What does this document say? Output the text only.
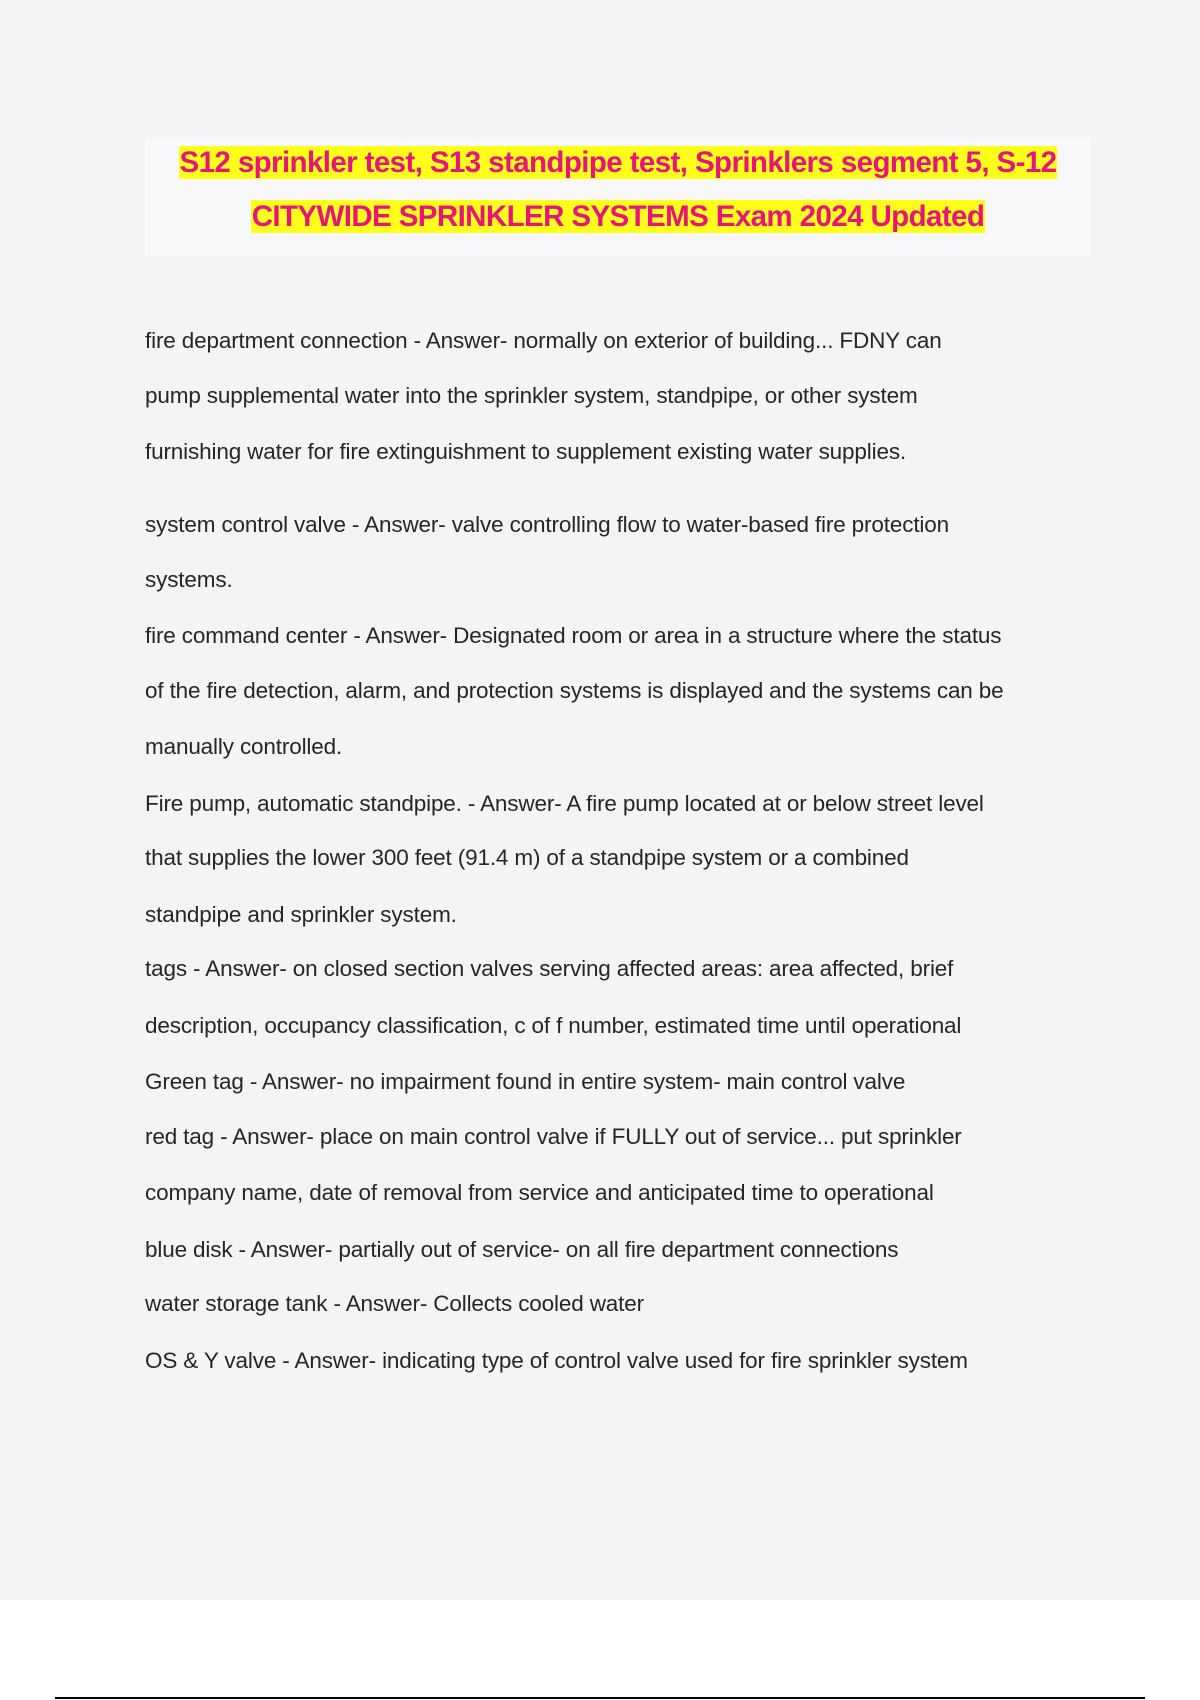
S12 sprinkler test, S13 standpipe test, Sprinklers segment 5, S-12
CITYWIDE SPRINKLER SYSTEMS Exam 2024 Updated
fire department connection - Answer- normally on exterior of building... FDNY can
pump supplemental water into the sprinkler system, standpipe, or other system
furnishing water for fire extinguishment to supplement existing water supplies.
system control valve - Answer- valve controlling flow to water-based fire protection
systems.
fire command center - Answer- Designated room or area in a structure where the status
of the fire detection, alarm, and protection systems is displayed and the systems can be
manually controlled.
Fire pump, automatic standpipe. - Answer- A fire pump located at or below street level
that supplies the lower 300 feet (91.4 m) of a standpipe system or a combined
standpipe and sprinkler system.
tags - Answer- on closed section valves serving affected areas: area affected, brief
description, occupancy classification, c of f number, estimated time until operational
Green tag - Answer- no impairment found in entire system- main control valve
red tag - Answer- place on main control valve if FULLY out of service... put sprinkler
company name, date of removal from service and anticipated time to operational
blue disk - Answer- partially out of service- on all fire department connections
water storage tank - Answer- Collects cooled water
OS & Y valve - Answer- indicating type of control valve used for fire sprinkler system
